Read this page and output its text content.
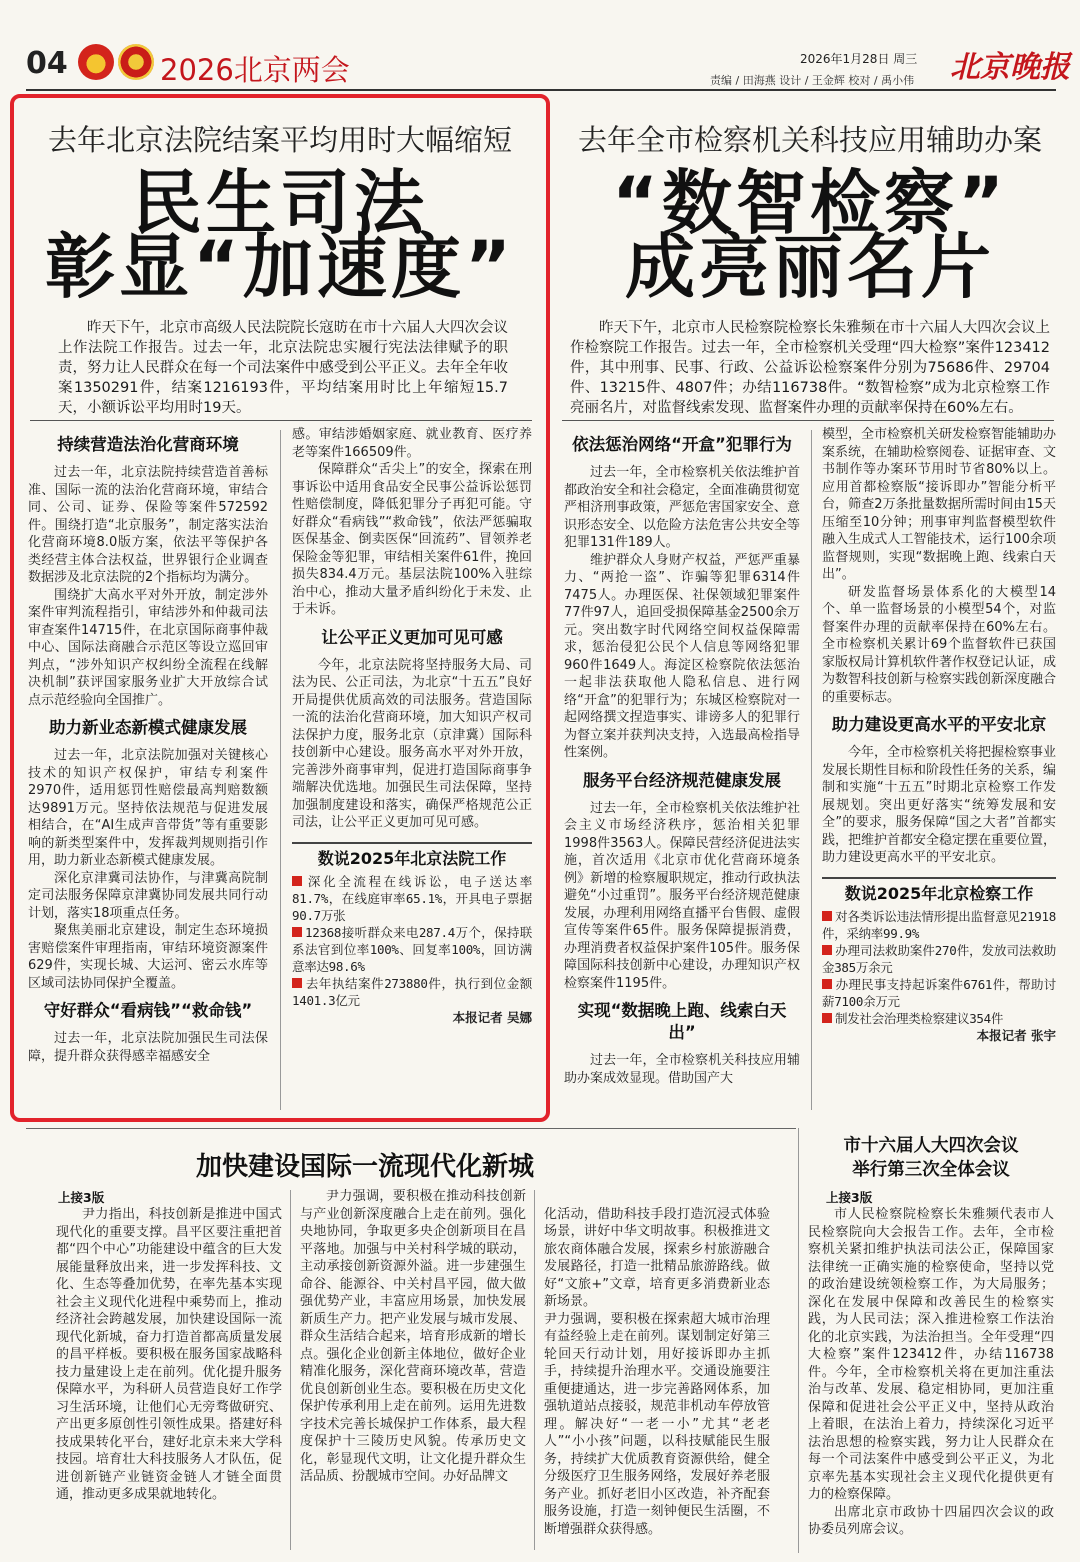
04	2026北京两会	2026年1月28日 周三
责编 / 田海燕 设计 / 王金辉 校对 / 禹小伟 北京晚报
去年北京法院结案平均用时大幅缩短
民生司法
彰显“加速度”
昨天下午，北京市高级人民法院院长寇昉在市十六届人大四次会议上作法院工作报告。过去一年，北京法院忠实履行宪法法律赋予的职责，努力让人民群众在每一个司法案件中感受到公平正义。去年全年收案1350291件，结案1216193件，平均结案用时比上年缩短15.7天，小额诉讼平均用时19天。
持续营造法治化营商环境

过去一年，北京法院持续营造首善标准、国际一流的法治化营商环境，审结合同、公司、证券、保险等案件572592件。围绕打造“北京服务”，制定落实法治化营商环境8.0版方案，依法平等保护各类经营主体合法权益，世界银行企业调查数据涉及北京法院的2个指标均为满分。

围绕扩大高水平对外开放，制定涉外案件审判流程指引，审结涉外和仲裁司法审查案件14715件，在北京国际商事仲裁中心、国际法商融合示范区等设立巡回审判点，“涉外知识产权纠纷全流程在线解决机制”获评国家服务业扩大开放综合试点示范经验向全国推广。

助力新业态新模式健康发展

过去一年，北京法院加强对关键核心技术的知识产权保护，审结专利案件2970件，适用惩罚性赔偿最高判赔数额达9891万元。坚持依法规范与促进发展相结合，在“AI生成声音带货”等有重要影响的新类型案件中，发挥裁判规则指引作用，助力新业态新模式健康发展。

深化京津冀司法协作，与津冀高院制定司法服务保障京津冀协同发展共同行动计划，落实18项重点任务。

聚焦美丽北京建设，制定生态环境损害赔偿案件审理指南，审结环境资源案件629件，实现长城、大运河、密云水库等区域司法协同保护全覆盖。

守好群众“看病钱”“救命钱”

过去一年，北京法院加强民生司法保障，提升群众获得感幸福感安全

感。审结涉婚姻家庭、就业教育、医疗养老等案件166509件。

保障群众“舌尖上”的安全，探索在刑事诉讼中适用食品安全民事公益诉讼惩罚性赔偿制度，降低犯罪分子再犯可能。守好群众“看病钱”“救命钱”，依法严惩骗取医保基金、倒卖医保“回流药”、冒领养老保险金等犯罪，审结相关案件61件，挽回损失834.4万元。基层法院100%入驻综治中心，推动大量矛盾纠纷化于未发、止于未诉。

让公平正义更加可见可感

今年，北京法院将坚持服务大局、司法为民、公正司法，为北京“十五五”良好开局提供优质高效的司法服务。营造国际一流的法治化营商环境，加大知识产权司法保护力度，服务北京（京津冀）国际科技创新中心建设。服务高水平对外开放，完善涉外商事审判，促进打造国际商事争端解决优选地。加强民生司法保障，坚持加强制度建设和落实，确保严格规范公正司法，让公平正义更加可见可感。

数说2025年北京法院工作

深化全流程在线诉讼，电子送达率81.7%，在线庭审率65.1%，开具电子票据90.7万张

12368接听群众来电287.4万个，保持联系法官到位率100%、回复率100%，回访满意率达98.6%

去年执结案件273880件，执行到位金额1401.3亿元

本报记者 吴娜

去年全市检察机关科技应用辅助办案
“数智检察”
成亮丽名片
昨天下午，北京市人民检察院检察长朱雅频在市十六届人大四次会议上作检察院工作报告。过去一年，全市检察机关受理“四大检察”案件123412件，其中刑事、民事、行政、公益诉讼检察案件分别为75686件、29704件、13215件、4807件；办结116738件。“数智检察”成为北京检察工作亮丽名片，对监督线索发现、监督案件办理的贡献率保持在60%左右。
依法惩治网络“开盒”犯罪行为

过去一年，全市检察机关依法维护首都政治安全和社会稳定，全面准确贯彻宽严相济刑事政策，严惩危害国家安全、意识形态安全、以危险方法危害公共安全等犯罪131件189人。

维护群众人身财产权益，严惩严重暴力、“两抢一盗”、诈骗等犯罪6314件7475人。办理医保、社保领域犯罪案件77件97人，追回受损保障基金2500余万元。突出数字时代网络空间权益保障需求，惩治侵犯公民个人信息等网络犯罪960件1649人。海淀区检察院依法惩治一起非法获取他人隐私信息、进行网络“开盒”的犯罪行为；东城区检察院对一起网络撰文捏造事实、诽谤多人的犯罪行为督立案并获判决支持，入选最高检指导性案例。

服务平台经济规范健康发展

过去一年，全市检察机关依法维护社会主义市场经济秩序，惩治相关犯罪1998件3563人。保障民营经济促进法实施，首次适用《北京市优化营商环境条例》新增的检察履职规定，推动行政执法避免“小过重罚”。服务平台经济规范健康发展，办理利用网络直播平台售假、虚假宣传等案件65件。服务保障提振消费，办理消费者权益保护案件105件。服务保障国际科技创新中心建设，办理知识产权检察案件1195件。

实现“数据晚上跑、线索白天出”

过去一年，全市检察机关科技应用辅助办案成效显现。借助国产大

模型，全市检察机关研发检察智能辅助办案系统，在辅助检察阅卷、证据审查、文书制作等办案环节用时节省80%以上。应用首都检察版“接诉即办”智能分析平台，筛查2万条批量数据所需时间由15天压缩至10分钟；刑事审判监督模型软件融入生成式人工智能技术，运行100余项监督规则，实现“数据晚上跑、线索白天出”。

研发监督场景体系化的大模型14个、单一监督场景的小模型54个，对监督案件办理的贡献率保持在60%左右。全市检察机关累计69个监督软件已获国家版权局计算机软件著作权登记认证，成为数智科技创新与检察实践创新深度融合的重要标志。

助力建设更高水平的平安北京

今年，全市检察机关将把握检察事业发展长期性目标和阶段性任务的关系，编制和实施“十五五”时期北京检察工作发展规划。突出更好落实“统筹发展和安全”的要求，服务保障“国之大者”首都实践，把维护首都安全稳定摆在重要位置，助力建设更高水平的平安北京。

数说2025年北京检察工作

对各类诉讼违法情形提出监督意见21918件，采纳率99.9%

办理司法救助案件270件，发放司法救助金385万余元

办理民事支持起诉案件6761件，帮助讨薪7100余万元

制发社会治理类检察建议354件

本报记者 张宇

加快建设国际一流现代化新城
上接3版

尹力指出，科技创新是推进中国式现代化的重要支撑。昌平区要注重把首都“四个中心”功能建设中蕴含的巨大发展能量释放出来，进一步发挥科技、文化、生态等叠加优势，在率先基本实现社会主义现代化进程中乘势而上，推动经济社会跨越发展，加快建设国际一流现代化新城，奋力打造首都高质量发展的昌平样板。要积极在服务国家战略科技力量建设上走在前列。优化提升服务保障水平，为科研人员营造良好工作学习生活环境，让他们心无旁骛做研究、产出更多原创性引领性成果。搭建好科技成果转化平台，建好北京未来大学科技园。培育壮大科技服务人才队伍，促进创新链产业链资金链人才链全面贯通，推动更多成果就地转化。

尹力强调，要积极在推动科技创新与产业创新深度融合上走在前列。强化央地协同，争取更多央企创新项目在昌平落地。加强与中关村科学城的联动，主动承接创新资源外溢。进一步建强生命谷、能源谷、中关村昌平园，做大做强优势产业，丰富应用场景，加快发展新质生产力。把产业发展与城市发展、群众生活结合起来，培育形成新的增长点。强化企业创新主体地位，做好企业精准化服务，深化营商环境改革，营造优良创新创业生态。要积极在历史文化保护传承利用上走在前列。运用先进数字技术完善长城保护工作体系，最大程度保护十三陵历史风貌。传承历史文化，彰显现代文明，让文化提升群众生活品质、扮靓城市空间。办好品牌文

化活动，借助科技手段打造沉浸式体验场景，讲好中华文明故事。积极推进文旅农商体融合发展，探索乡村旅游融合发展路径，打造一批精品旅游路线。做好“文旅+”文章，培育更多消费新业态新场景。
尹力强调，要积极在探索超大城市治理有益经验上走在前列。谋划制定好第三轮回天行动计划，用好接诉即办主抓手，持续提升治理水平。交通设施要注重便捷通达，进一步完善路网体系，加强轨道站点接驳，规范非机动车停放管理。解决好“一老一小”尤其“老老人”“小小孩”问题，以科技赋能民生服务，持续扩大优质教育资源供给，健全分级医疗卫生服务网络，发展好养老服务产业。抓好老旧小区改造，补齐配套服务设施，打造一刻钟便民生活圈，不断增强群众获得感。

市十六届人大四次会议
举行第三次全体会议
上接3版

市人民检察院检察长朱雅频代表市人民检察院向大会报告工作。去年，全市检察机关紧扣维护执法司法公正，保障国家法律统一正确实施的检察使命，坚持以党的政治建设统领检察工作，为大局服务；深化在发展中保障和改善民生的检察实践，为人民司法；深入推进检察工作法治化的北京实践，为法治担当。全年受理“四大检察”案件123412件，办结116738件。今年，全市检察机关将在更加注重法治与改革、发展、稳定相协同，更加注重保障和促进社会公平正义中，坚持从政治上着眼，在法治上着力，持续深化习近平法治思想的检察实践，努力让人民群众在每一个司法案件中感受到公平正义，为北京率先基本实现社会主义现代化提供更有力的检察保障。

出席北京市政协十四届四次会议的政协委员列席会议。
